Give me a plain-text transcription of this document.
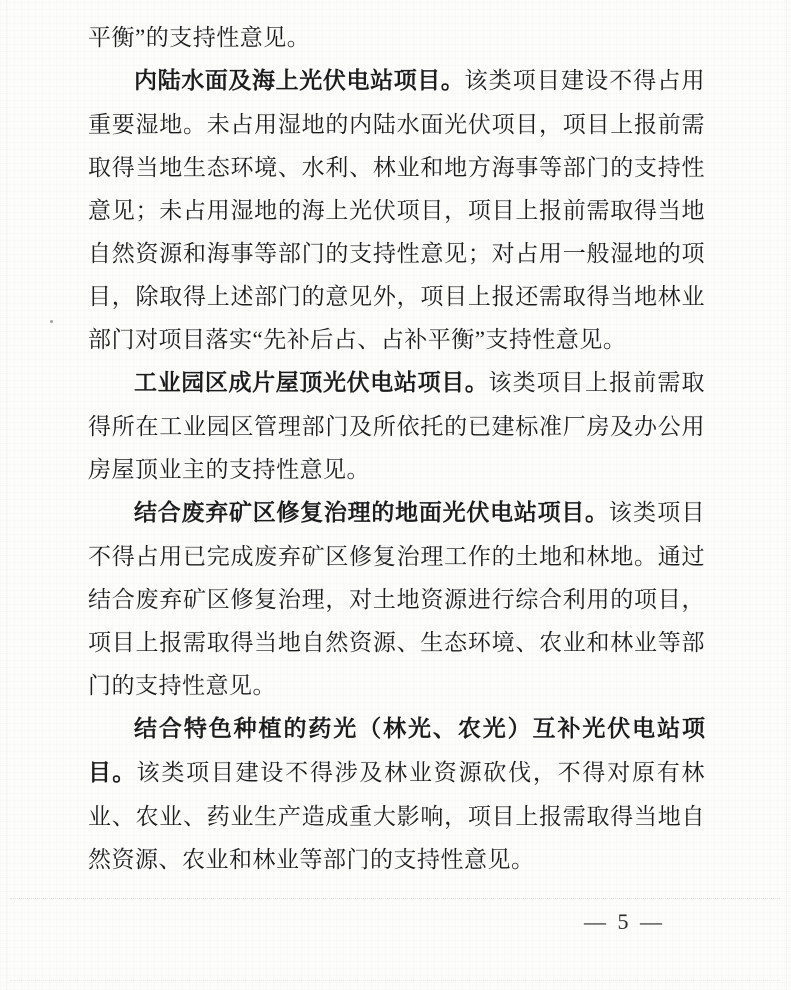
平衡”的支持性意见。

内陆水面及海上光伏电站项目。该类项目建设不得占用重要湿地。未占用湿地的内陆水面光伏项目，项目上报前需取得当地生态环境、水利、林业和地方海事等部门的支持性意见；未占用湿地的海上光伏项目，项目上报前需取得当地自然资源和海事等部门的支持性意见；对占用一般湿地的项目，除取得上述部门的意见外，项目上报还需取得当地林业部门对项目落实“先补后占、占补平衡”支持性意见。

工业园区成片屋顶光伏电站项目。该类项目上报前需取得所在工业园区管理部门及所依托的已建标准厂房及办公用房屋顶业主的支持性意见。

结合废弃矿区修复治理的地面光伏电站项目。该类项目不得占用已完成废弃矿区修复治理工作的土地和林地。通过结合废弃矿区修复治理，对土地资源进行综合利用的项目，项目上报需取得当地自然资源、生态环境、农业和林业等部门的支持性意见。

结合特色种植的药光（林光、农光）互补光伏电站项目。该类项目建设不得涉及林业资源砍伐，不得对原有林业、农业、药业生产造成重大影响，项目上报需取得当地自然资源、农业和林业等部门的支持性意见。

— 5 —
